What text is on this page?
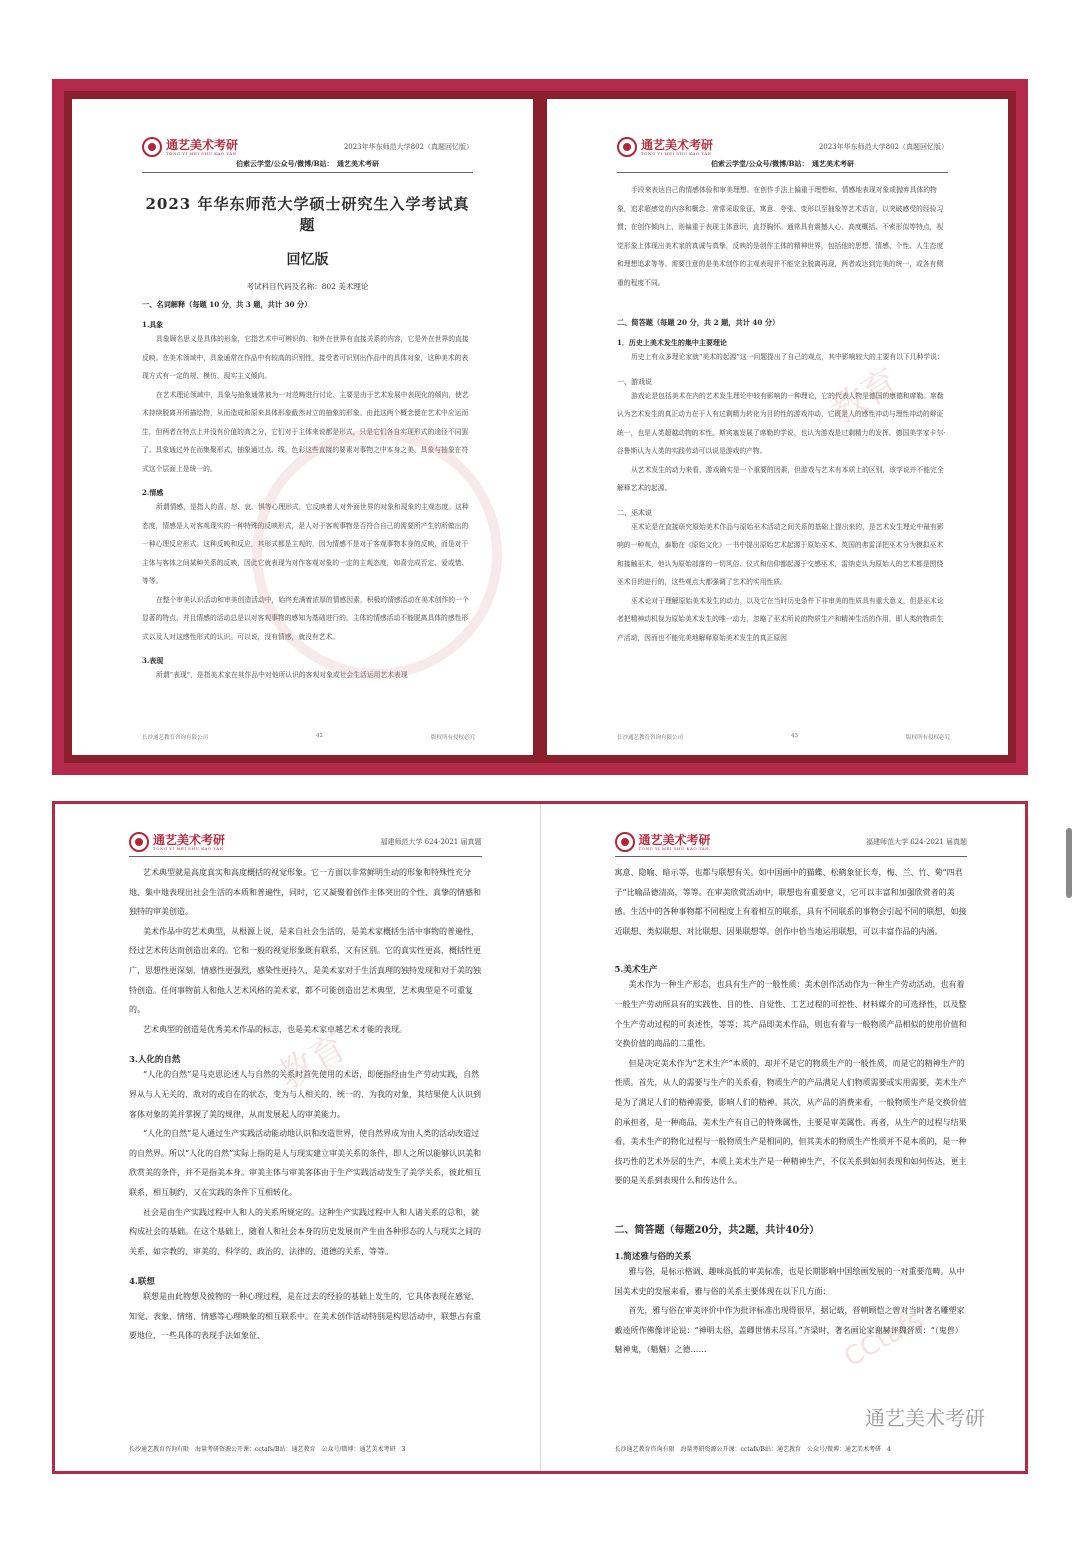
通艺美术考研
TONG YI MEI SHU KAO YAN
2023年华东师范大学802（真题回忆版）
伯索云学堂/公众号/微博/B站：　通艺美术考研
2023 年华东师范大学硕士研究生入学考试真题
回忆版
考试科目代码及名称：802 美术理论
一、名词解释（每题 10 分，共 3 题，共计 30 分）
1.具象

具象顾名思义是具体的形象，它指艺术中可辨识的、和外在世界有直接关系的内容，它是外在世界的直接反映。在美术领域中，具象通常在作品中有较高的识别性，接受者可识别出作品中的具体对象，这种美术的表现方式有一定的规、模仿、现实主义倾向。

在艺术理论领域中，具象与抽象通常被为一对范畴进行讨论，主要是由于艺术发展中表现化的倾向，使艺术持续脱离开所描绘物，从而造成和原来具体形象截然对立的抽象的形象。由此这两个概念便在艺术中应运而生，但两者在特点上并没有价值的高之分，它们对于主体来说都是形式，只是它们各自实现形式的途径不同罢了。具象通过外在而集聚形式，抽象通过点、线、色彩这些直接的要素对事物之中本身之美，具象与抽象在符式这个层面上是统一的。

2.情感

所谓情感，是指人的喜、怒、哀、惧等心理形式，它反映着人对外面世界的对象和现象的主观态度。这种态度，情感是人对客观现实的一种特殊的反映形式，是人对于客观事物是否符合自己的需要所产生的所做出的一种心理反应形式。这种反映和反应，其形式都是主观的，因为情感不是对于客观事物本身的反映，而是对于主体与客体之间某种关系的反映，因此它就表现为对作客观对象的一定的主观态度，如喜完成否定、爱或惜、等等。

在整个审美认识活动和审美创造活动中，始终充满着浓厚的情感因素，积极的情感活动在美术创作的一个显著的特点，并且情感的活动总是以对客观事物的感知为基础进行的，主体的情感活动不能脱离具体的感性形式以及人对这感性形式的认识。可以说，没有情感，就没有艺术。

3.表现

所谓“表现”，是指美术家在其作品中对他所认识的客观对象或社会生活运用艺术表现

长沙通艺教育咨询有限公司	42	版权所有侵权必究
通艺美术考研
TONG YI MEI SHU KAO YAN
2023年华东师范大学802（真题回忆版）
伯索云学堂/公众号/微博/B站：　通艺美术考研

手段来表达自己的情感体验和审美理想。在创作手法上偏重于理想和、情感地表现对象或抛弃具体的物象，追求超感觉的内容和概念。常常采取象征、寓意、夸张、变形以至抽象等艺术语言，以突破感受的经验习惯；在创作倾向上，则偏重于表现主体意识，直抒胸怀。通常具有震撼人心、高度概括、不索形似等特点，视觉形象上体现出美术家的真诚与真挚，反映的是创作主体的精神世界，包括他的思想、情感、个性、人生态度和理想追求等等。需要注意的是美术创作的主观表现并不能完全脱离再现，两者或达到完美的统一，或各有侧重的程度不同。

二、简答题（每题 20 分，共 2 题，共计 40 分）
1．历史上美术发生的集中主要理论

历史上有众多理论家就“美术的起源”这一问题提出了自己的观点，其中影响较大的主要有以下几种学说：

一、游戏说

游戏论是包括美术在内的艺术发生理论中较有影响的一种理论，它的代表人物是德国的康德和席勒。席勒认为艺术发生的真正动力在于人有过剩精力转化为目的性的游戏冲动，它既是人的感性冲动与理性冲动的辩证统一，也是人类超越动物的本性。斯宾塞发展了席勒的学说，也认为游戏是过剩精力的发挥。德国美学家卡尔·谷鲁斯认为人类的实践劳动可以说是游戏的产物。

从艺术发生的动力来看，游戏确实是一个重要的因素，但游戏与艺术有本质上的区别，该学说并不能完全解释艺术的起源。

二、巫术说

巫术论是在直接研究原始美术作品与原始巫术活动之间关系的基础上提出来的，是艺术发生理论中最有影响的一种观点，泰勒在《原始文化》一书中提出原始艺术起源于原始巫术。英国的弗雷泽把巫术分为模拟巫术和接触巫术，他认为原始部落的一切风俗、仪式和信仰都起源于交感巫术，雷纳克认为原始人的艺术都是围绕巫术目的进行的，这些观点大都强调了艺术的实用性质。

巫术论对于理解原始美术发生的动力，以及它在当时历史条件下非审美的性质具有重大意义，但是巫术论者把精神动机视为原始美术发生的唯一动力，忽略了巫术所说的物质生产和精神生活的作用，即人类的物质生产活动，因而也不能完美地解释原始美术发生的真正原因

教育
长沙通艺教育咨询有限公司	43	版权所有侵权必究
通艺美术考研
TONG YI MEI SHU KAO YAN
福建师范大学 624-2021 届真题

艺术典型就是高度真实和高度概括的视觉形象。它一方面以非常鲜明生动的形象和特殊性充分地、集中地表现出社会生活的本质和普遍性，同时，它又凝聚着创作主体突出的个性、真挚的情感和独特的审美创造。

美术作品中的艺术典型，从根源上说，是来自社会生活的，是美术家概括生活中事物的普遍性，经过艺术传达而创造出来的。它和一般的视觉形象既有联系，又有区别。它的真实性更高，概括性更广，思想性更深刻，情感性更强烈，感染性更持久，是美术家对于生活真理的独特发现和对于美的独特创造。任何事物前人和他人艺术风格的美术家，都不可能创造出艺术典型，艺术典型是不可重复的。

艺术典型的创造是优秀美术作品的标志，也是美术家卓越艺术才能的表现。

3.人化的自然

“人化的自然”是马克思论述人与自然的关系时首先使用的术语，即便指经由生产劳动实践，自然界从与人无关的、敌对的或自在的状态，变为与人相关的、统一的、为我的对象，其结果使人认识到客体对象的美并掌握了美的规律，从而发展起人的审美能力。

“人化的自然”是人通过生产实践活动能动地认识和改造世界，使自然界成为由人类的活动改造过的自然界。所以“人化的自然”实际上指的是人与现实建立审美关系的条件，即人之所以能够认识美和欣赏美的条件，并不是指美本身。审美主体与审美客体由于生产实践活动发生了美学关系，彼此相互联系，相互制约，又在实践的条件下互相转化。

社会是由生产实践过程中人和人的关系所规定的。这种生产实践过程中人和人诸关系的总和，就构成社会的基础。在这个基础上，随着人和社会本身的历史发展而产生由各种形态的人与现实之间的关系，如宗教的、审美的、科学的、政治的、法律的、道德的关系，等等。

4.联想

联想是由此物想及彼物的一种心理过程，是在过去的经验的基础上发生的，它具体表现在感觉、知觉、表象、情绪、情感等心理映象的相互联系中。在美术创作活动特别是构思活动中，联想占有重要地位，一些具体的表现手法如象征、

教育
长沙通艺教育咨询有限　海量考研资源公开课：cctafs/B站：通艺教育　公众号/微博：通艺美术考研　3
通艺美术考研
TONG YI MEI SHU KAO YAN
福建师范大学 624-2021 届真题

寓意、隐喻、暗示等，也都与联想有关。如中国画中的猫蝶、松鹤象征长寿，梅、兰、竹、菊“四君子”比喻品德清高，等等。在审美欣赏活动中，联想也有重要意义，它可以丰富和加强欣赏者的美感。生活中的各种事物都不同程度上有着相互的联系，具有不同联系的事物会引起不同的联想，如接近联想、类似联想、对比联想、因果联想等。创作中恰当地运用联想，可以丰富作品的内涵。

5.美术生产

美术作为一种生产形态，也具有生产的一般性质：美术创作活动作为一种生产劳动活动，也有着一般生产劳动所具有的实践性、目的性、自觉性、工艺过程的可控性、材料媒介的可选择性，以及整个生产劳动过程的可表述性，等等；其产品即美术作品，则也有着与一般物质产品相似的使用价值和交换价值的商品的二重性。

但是决定美术作为“艺术生产”本质的，却并不是它的物质生产的一般性质，而是它的精神生产的性质。首先，从人的需要与生产的关系看，物质生产的产品满足人们物质需要或实用需要，美术生产是为了满足人们的精神需要，影响人们的精神。其次，从产品的消费来看，一般物质生产是交换价值的承担者，是一种商品，美术生产有自己的特殊属性，主要是审美属性。再者，从生产的过程与结果看，美术生产的物化过程与一般物质生产是相同的，但其美术的物质生产性质并不是本质的，是一种技巧性的艺术外层的生产，本质上美术生产是一种精神生产，不仅关系到如何表现和如何传达，更主要的是关系到表现什么和传达什么。

二、简答题（每题20分，共2题，共计40分）
1.简述雅与俗的关系

雅与俗，是标示格调、趣味高低的审美标准，也是长期影响中国绘画发展的一对重要范畴。从中国美术史的发展来看，雅与俗的关系主要体现在以下几方面：

首先，雅与俗在审美评价中作为批评标准出现得很早，据记载，晋朝顾恺之曾对当时著名雕塑家戴逵所作佛像评论说：“神明太俗，盖卿世情未尽耳。”齐梁时，著名画论家谢赫评魏晋质：“（鬼兽）魅神鬼，（魁魅）之德……	CCtafs
通艺美术考研
长沙通艺教育咨询有限　海量考研资源公开课：cctafs/B站：通艺教育　公众号/微博：通艺美术考研　4
